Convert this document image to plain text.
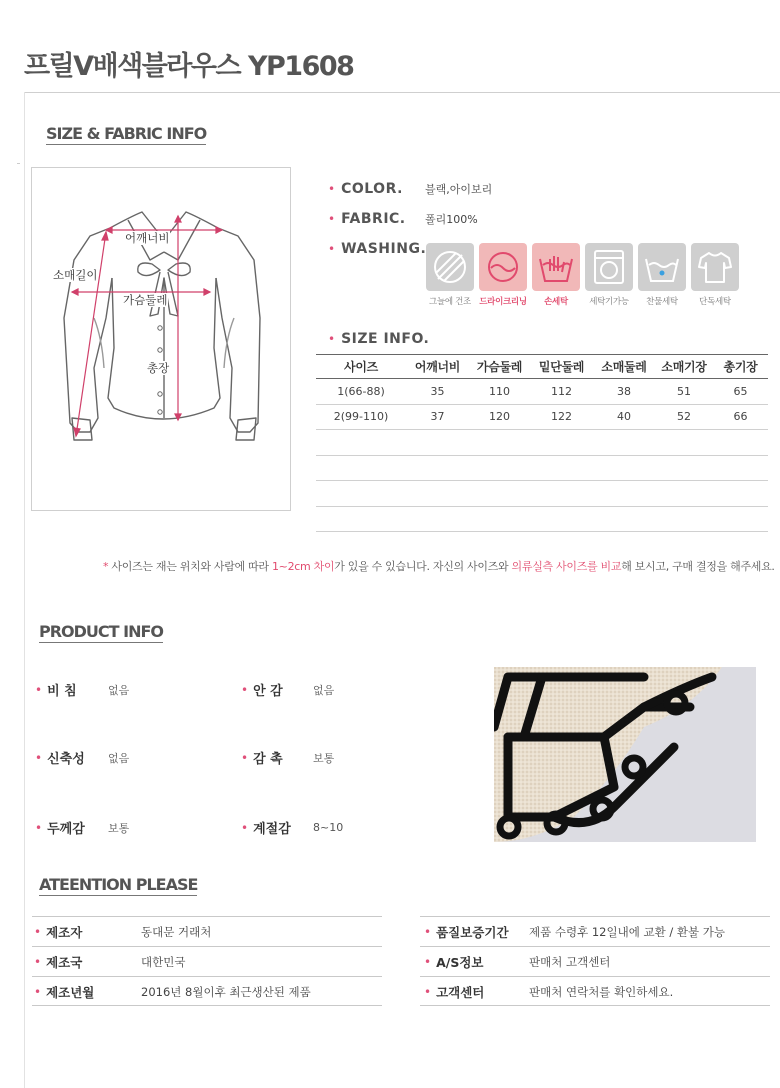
프릴V배색블라우스 YP1608
SIZE & FABRIC INFO
어깨너비
소매길이
가슴둘레
총장
• COLOR. 블랙,아이보리
• FABRIC. 폴리100%
• WASHING.
그늘에 건조 드라이크리닝	손세탁	세탁기가능	찬물세탁	단독세탁
• SIZE INFO.
사이즈	어깨너비	가슴둘레	밑단둘레	소매둘레	소매기장	총기장
1(66-88)	35	110	112	38	51	65
2(99-110)	37	120	122	40	52	66

* 사이즈는 재는 위치와 사람에 따라 1~2cm 차이가 있을 수 있습니다. 자신의 사이즈와 의류실측 사이즈를 비교해 보시고, 구매 결정을 해주세요.
PRODUCT INFO
• 비 침	없음	• 안 감	없음
• 신축성 없음	• 감 촉	보통
• 두께감 보통	• 계절감 8~10
ATEENTION PLEASE
• 제조자	동대문 거래처
• 제조국	대한민국
• 제조년월	2016년 8월이후 최근생산된 제품
• 품질보증기간 제품 수령후 12일내에 교환 / 환불 가능
• A/S정보	판매처 고객센터
• 고객센터	판매처 연락처를 확인하세요.
